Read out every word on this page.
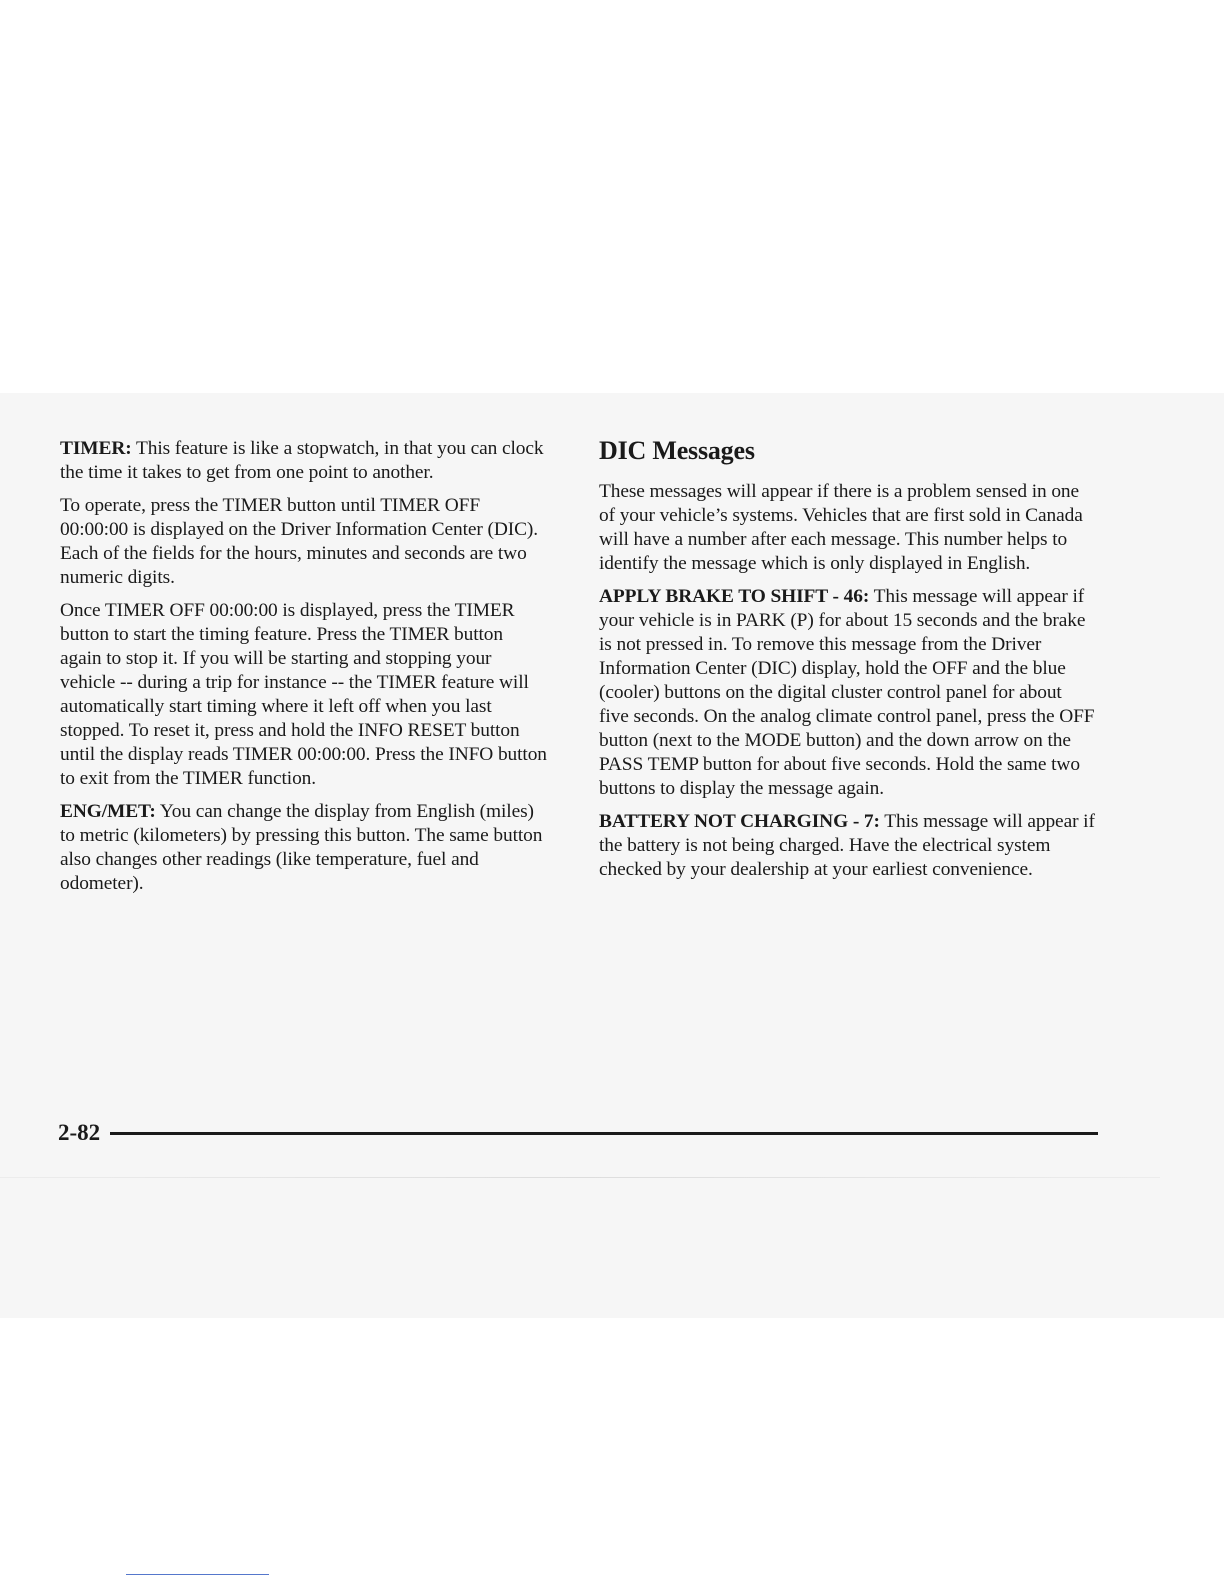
TIMER: This feature is like a stopwatch, in that you can clock the time it takes to get from one point to another.

To operate, press the TIMER button until TIMER OFF 00:00:00 is displayed on the Driver Information Center (DIC). Each of the fields for the hours, minutes and seconds are two numeric digits.

Once TIMER OFF 00:00:00 is displayed, press the TIMER button to start the timing feature. Press the TIMER button again to stop it. If you will be starting and stopping your vehicle -- during a trip for instance -- the TIMER feature will automatically start timing where it left off when you last stopped. To reset it, press and hold the INFO RESET button until the display reads TIMER 00:00:00. Press the INFO button to exit from the TIMER function.

ENG/MET: You can change the display from English (miles) to metric (kilometers) by pressing this button. The same button also changes other readings (like temperature, fuel and odometer).

DIC Messages

These messages will appear if there is a problem sensed in one of your vehicle’s systems. Vehicles that are first sold in Canada will have a number after each message. This number helps to identify the message which is only displayed in English.

APPLY BRAKE TO SHIFT - 46: This message will appear if your vehicle is in PARK (P) for about 15 seconds and the brake is not pressed in. To remove this message from the Driver Information Center (DIC) display, hold the OFF and the blue (cooler) buttons on the digital cluster control panel for about five seconds. On the analog climate control panel, press the OFF button (next to the MODE button) and the down arrow on the PASS TEMP button for about five seconds. Hold the same two buttons to display the message again.

BATTERY NOT CHARGING - 7: This message will appear if the battery is not being charged. Have the electrical system checked by your dealership at your earliest convenience.

2-82
